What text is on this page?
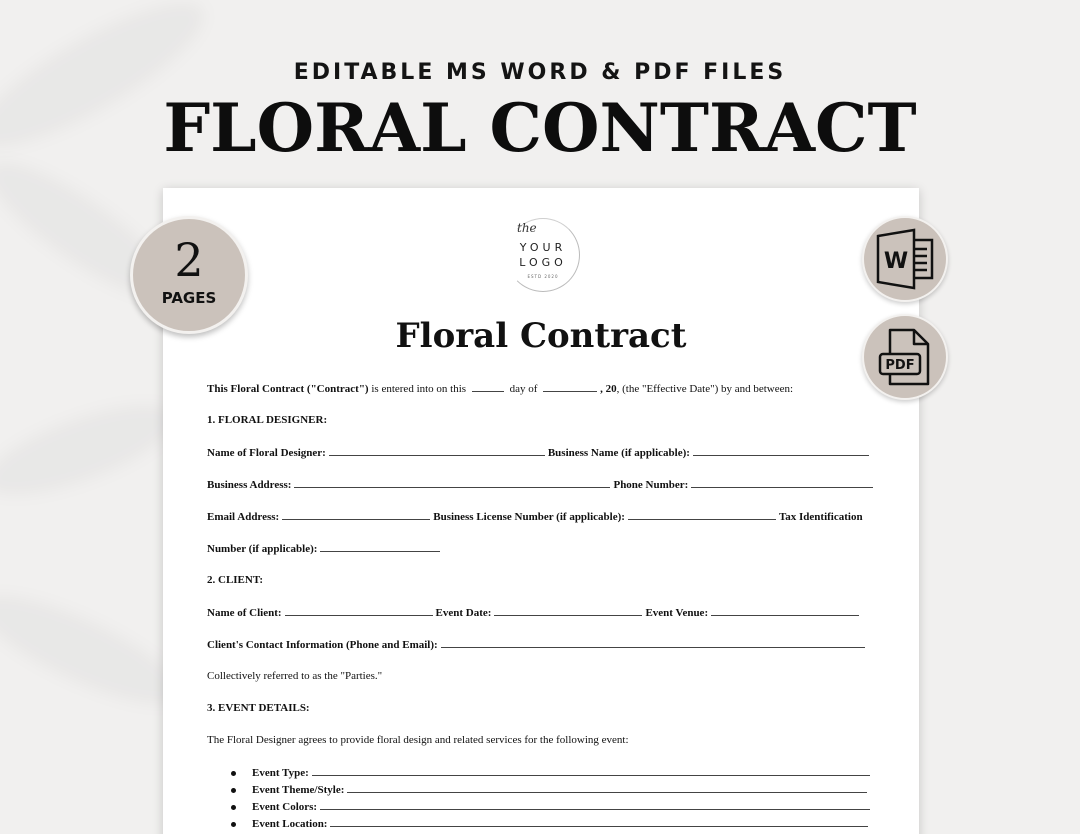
EDITABLE MS WORD & PDF FILES
FLORAL CONTRACT
the
YOUR
LOGO
ESTD 2020
Floral Contract
This Floral Contract ("Contract") is entered into on this	day of	, 20, (the "Effective Date") by and between:
1. FLORAL DESIGNER:
Name of Floral Designer:	Business Name (if applicable):
Business Address:	Phone Number:
Email Address:	Business License Number (if applicable):	Tax Identification
Number (if applicable):
2. CLIENT:
Name of Client:	Event Date:	Event Venue:
Client's Contact Information (Phone and Email):
Collectively referred to as the "Parties."
3. EVENT DETAILS:
The Floral Designer agrees to provide floral design and related services for the following event:
Event Type:
Event Theme/Style:
Event Colors:
Event Location:
2
PAGES
W
PDF
